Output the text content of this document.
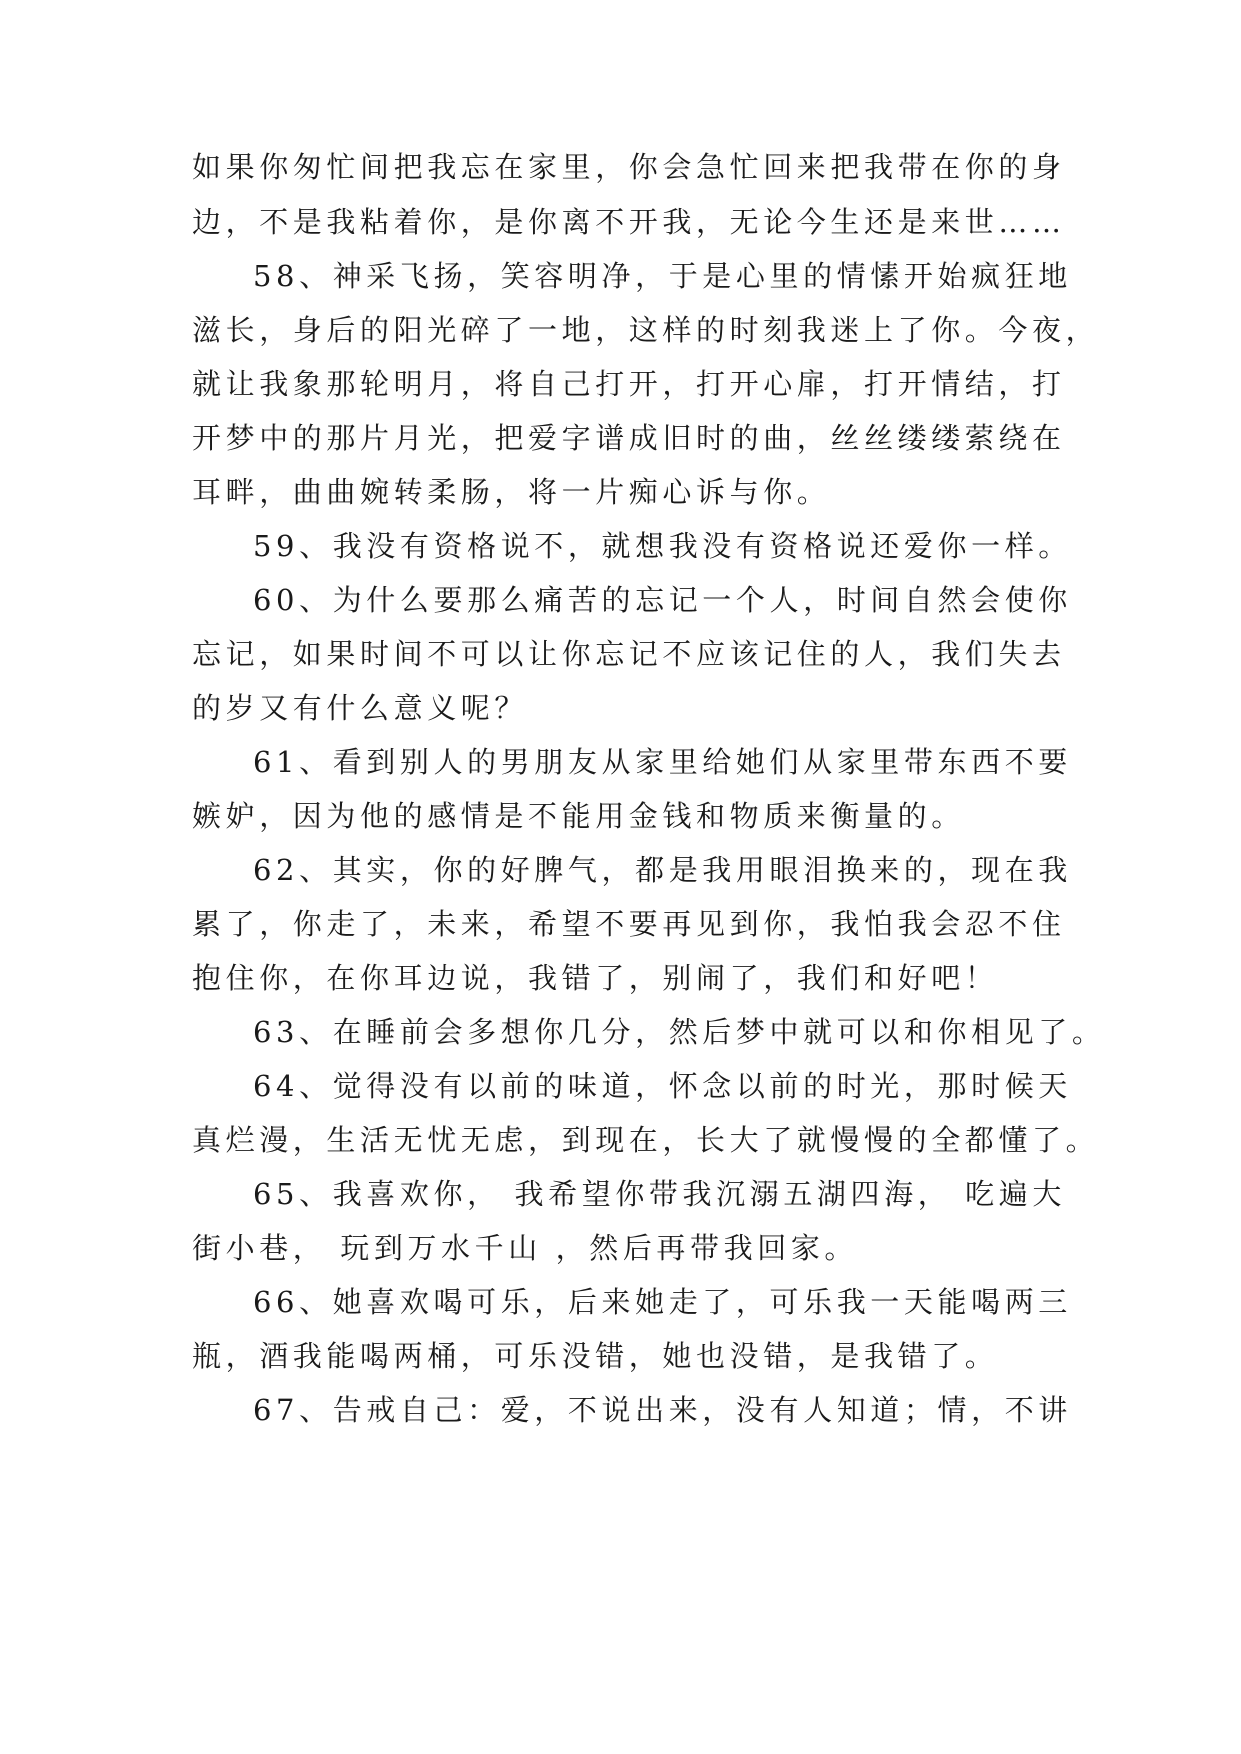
如果你匆忙间把我忘在家里，你会急忙回来把我带在你的身
边，不是我粘着你，是你离不开我，无论今生还是来世……
58、神采飞扬，笑容明净，于是心里的情愫开始疯狂地
滋长，身后的阳光碎了一地，这样的时刻我迷上了你。今夜，
就让我象那轮明月，将自己打开，打开心扉，打开情结，打
开梦中的那片月光，把爱字谱成旧时的曲，丝丝缕缕萦绕在
耳畔，曲曲婉转柔肠，将一片痴心诉与你。
59、我没有资格说不，就想我没有资格说还爱你一样。
60、为什么要那么痛苦的忘记一个人，时间自然会使你
忘记，如果时间不可以让你忘记不应该记住的人，我们失去
的岁又有什么意义呢？
61、看到别人的男朋友从家里给她们从家里带东西不要
嫉妒，因为他的感情是不能用金钱和物质来衡量的。
62、其实，你的好脾气，都是我用眼泪换来的，现在我
累了，你走了，未来，希望不要再见到你，我怕我会忍不住
抱住你，在你耳边说，我错了，别闹了，我们和好吧！
63、在睡前会多想你几分，然后梦中就可以和你相见了。
64、觉得没有以前的味道，怀念以前的时光，那时候天
真烂漫，生活无忧无虑，到现在，长大了就慢慢的全都懂了。
65、我喜欢你， 我希望你带我沉溺五湖四海， 吃遍大
街小巷， 玩到万水千山 ，然后再带我回家。
66、她喜欢喝可乐，后来她走了，可乐我一天能喝两三
瓶，酒我能喝两桶，可乐没错，她也没错，是我错了。
67、告戒自己：爱，不说出来，没有人知道；情，不讲
